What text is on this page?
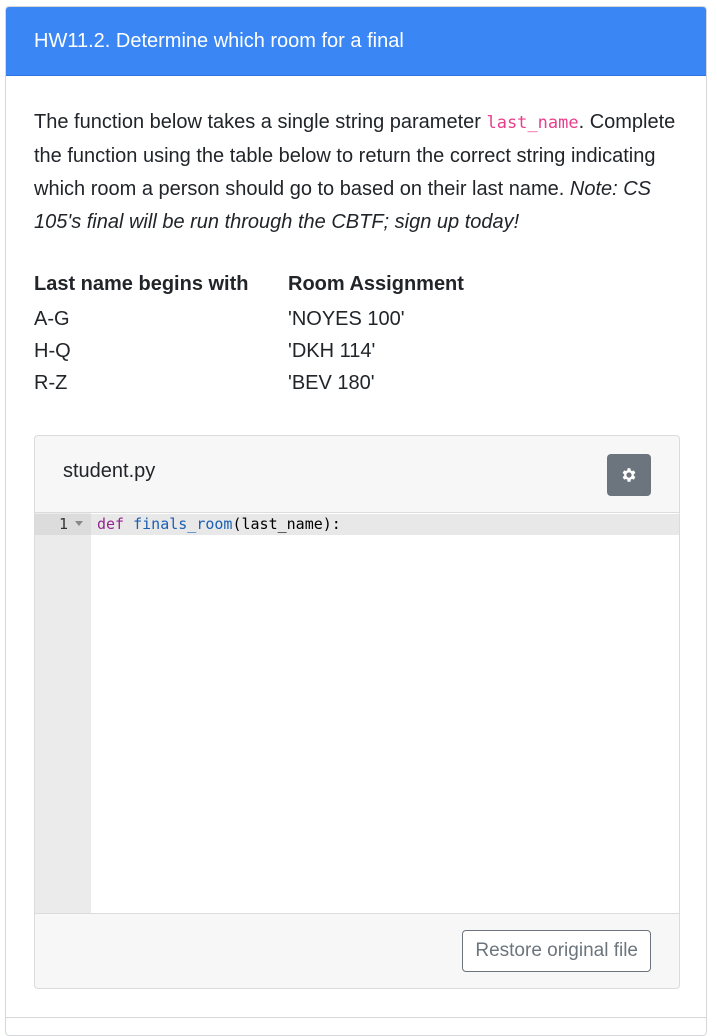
HW11.2. Determine which room for a final

The function below takes a single string parameter last_name. Complete the function using the table below to return the correct string indicating which room a person should go to based on their last name. Note: CS 105's final will be run through the CBTF; sign up today!

Last name begins with	Room Assignment
A-G	'NOYES 100'
H-Q	'DKH 114'
R-Z	'BEV 180'
student.py
1 def finals_room(last_name):
Restore original file
